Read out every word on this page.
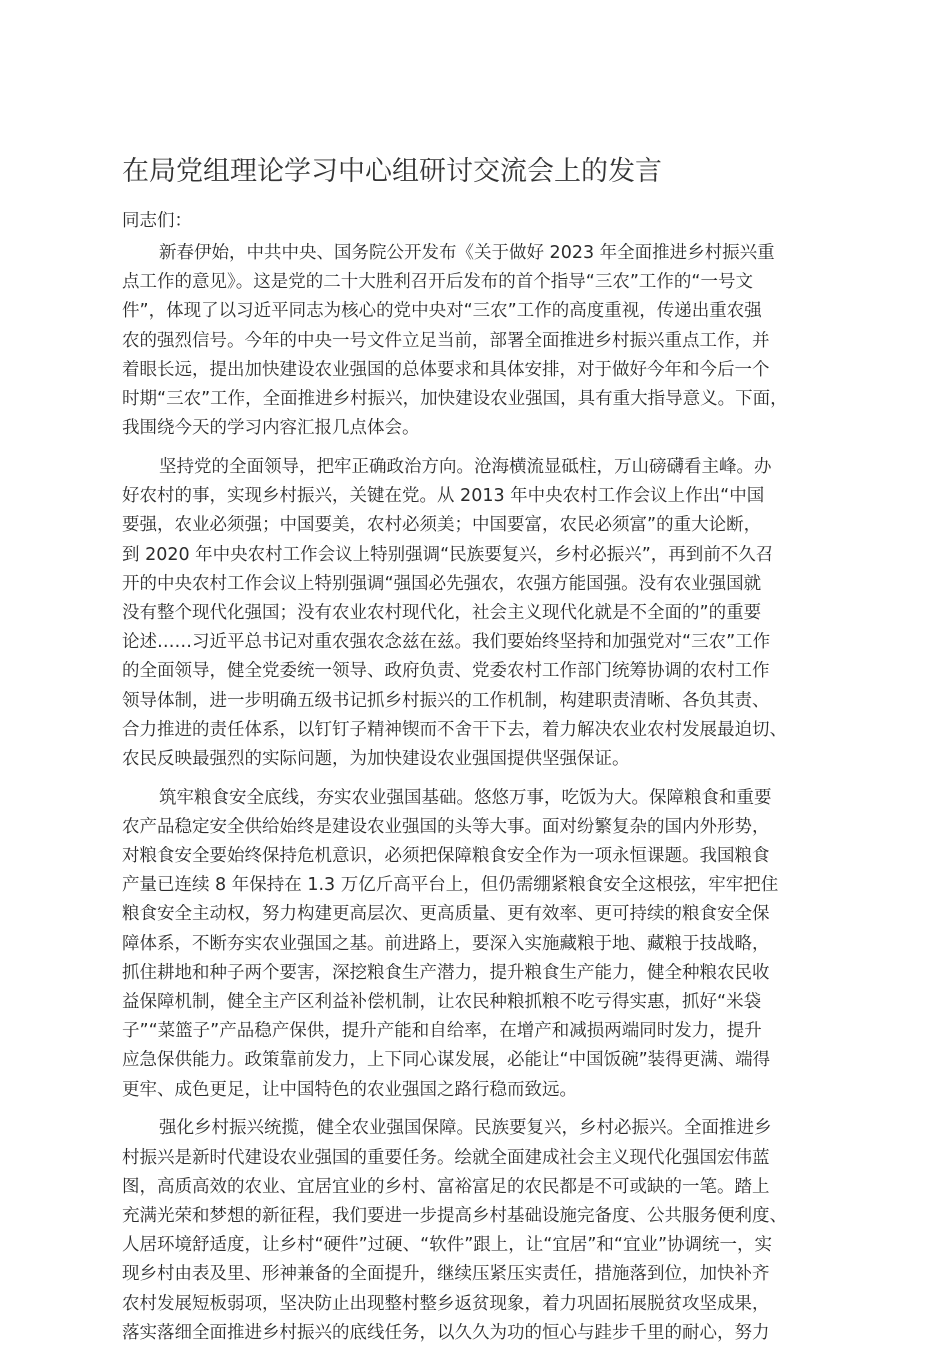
在局党组理论学习中心组研讨交流会上的发言

同志们：

新春伊始，中共中央、国务院公开发布《关于做好 2023 年全面推进乡村振兴重
点工作的意见》。这是党的二十大胜利召开后发布的首个指导“三农”工作的“一号文
件”，体现了以习近平同志为核心的党中央对“三农”工作的高度重视，传递出重农强
农的强烈信号。今年的中央一号文件立足当前，部署全面推进乡村振兴重点工作，并
着眼长远，提出加快建设农业强国的总体要求和具体安排，对于做好今年和今后一个
时期“三农”工作，全面推进乡村振兴，加快建设农业强国，具有重大指导意义。下面，
我围绕今天的学习内容汇报几点体会。

坚持党的全面领导，把牢正确政治方向。沧海横流显砥柱，万山磅礴看主峰。办
好农村的事，实现乡村振兴，关键在党。从 2013 年中央农村工作会议上作出“中国
要强，农业必须强；中国要美，农村必须美；中国要富，农民必须富”的重大论断，
到 2020 年中央农村工作会议上特别强调“民族要复兴，乡村必振兴”，再到前不久召
开的中央农村工作会议上特别强调“强国必先强农，农强方能国强。没有农业强国就
没有整个现代化强国；没有农业农村现代化，社会主义现代化就是不全面的”的重要
论述……习近平总书记对重农强农念兹在兹。我们要始终坚持和加强党对“三农”工作
的全面领导，健全党委统一领导、政府负责、党委农村工作部门统筹协调的农村工作
领导体制，进一步明确五级书记抓乡村振兴的工作机制，构建职责清晰、各负其责、
合力推进的责任体系，以钉钉子精神锲而不舍干下去，着力解决农业农村发展最迫切、
农民反映最强烈的实际问题，为加快建设农业强国提供坚强保证。

筑牢粮食安全底线，夯实农业强国基础。悠悠万事，吃饭为大。保障粮食和重要
农产品稳定安全供给始终是建设农业强国的头等大事。面对纷繁复杂的国内外形势，
对粮食安全要始终保持危机意识，必须把保障粮食安全作为一项永恒课题。我国粮食
产量已连续 8 年保持在 1.3 万亿斤高平台上，但仍需绷紧粮食安全这根弦，牢牢把住
粮食安全主动权，努力构建更高层次、更高质量、更有效率、更可持续的粮食安全保
障体系，不断夯实农业强国之基。前进路上，要深入实施藏粮于地、藏粮于技战略，
抓住耕地和种子两个要害，深挖粮食生产潜力，提升粮食生产能力，健全种粮农民收
益保障机制，健全主产区利益补偿机制，让农民种粮抓粮不吃亏得实惠，抓好“米袋
子”“菜篮子”产品稳产保供，提升产能和自给率，在增产和减损两端同时发力，提升
应急保供能力。政策靠前发力，上下同心谋发展，必能让“中国饭碗”装得更满、端得
更牢、成色更足，让中国特色的农业强国之路行稳而致远。

强化乡村振兴统揽，健全农业强国保障。民族要复兴，乡村必振兴。全面推进乡
村振兴是新时代建设农业强国的重要任务。绘就全面建成社会主义现代化强国宏伟蓝
图，高质高效的农业、宜居宜业的乡村、富裕富足的农民都是不可或缺的一笔。踏上
充满光荣和梦想的新征程，我们要进一步提高乡村基础设施完备度、公共服务便利度、
人居环境舒适度，让乡村“硬件”过硬、“软件”跟上，让“宜居”和“宜业”协调统一，实
现乡村由表及里、形神兼备的全面提升，继续压紧压实责任，措施落到位，加快补齐
农村发展短板弱项，坚决防止出现整村整乡返贫现象，着力巩固拓展脱贫攻坚成果，
落实落细全面推进乡村振兴的底线任务，以久久为功的恒心与跬步千里的耐心，努力
